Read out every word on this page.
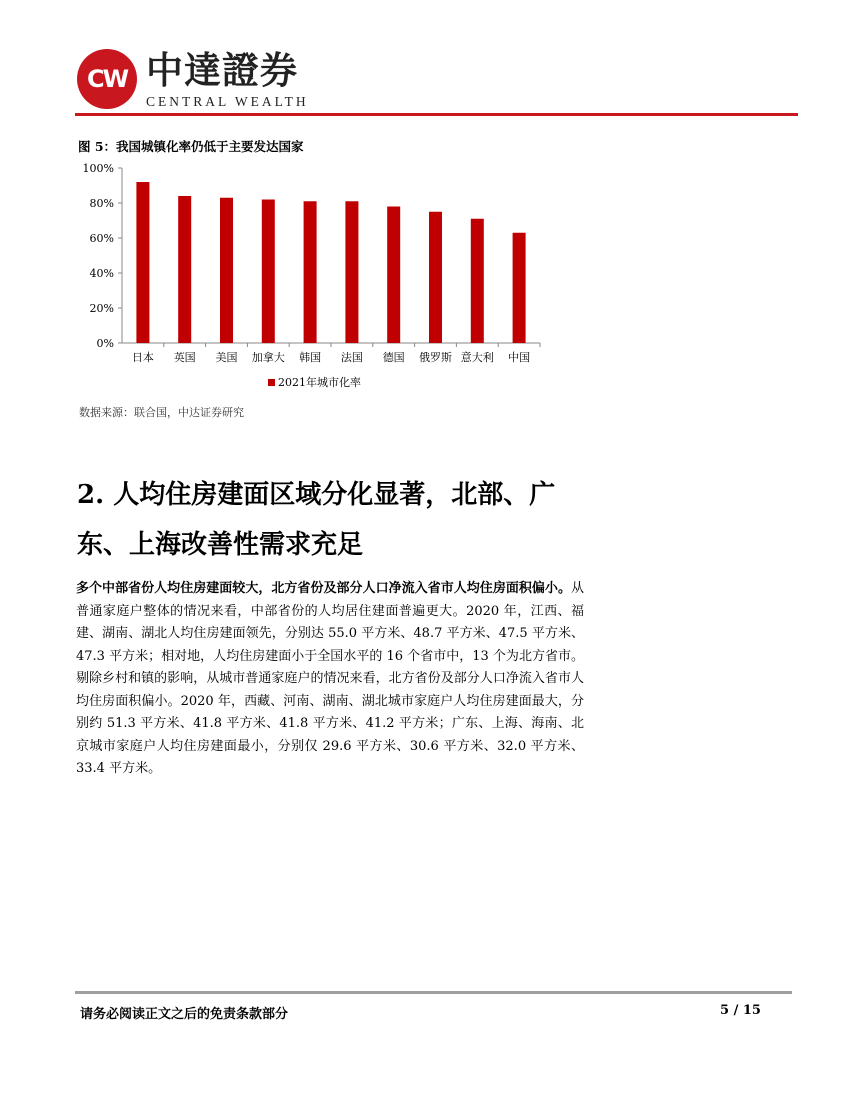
CW 中達證券
CENTRAL WEALTH
图 5：我国城镇化率仍低于主要发达国家
日本 英国 美国 加拿大 韩国 法国 德国 俄罗斯 意大利 中国
0%
20%
40%
60%
80%
100%
2021年城市化率
数据来源：联合国，中达证券研究
2. 人均住房建面区域分化显著，北部、广东、上海改善性需求充足
多个中部省份人均住房建面较大，北方省份及部分人口净流入省市人均住房面积偏小。从普通家庭户整体的情况来看，中部省份的人均居住建面普遍更大。2020 年，江西、福建、湖南、湖北人均住房建面领先，分别达 55.0 平方米、48.7 平方米、47.5 平方米、47.3 平方米；相对地，人均住房建面小于全国水平的 16 个省市中，13 个为北方省市。剔除乡村和镇的影响，从城市普通家庭户的情况来看，北方省份及部分人口净流入省市人均住房面积偏小。2020 年，西藏、河南、湖南、湖北城市家庭户人均住房建面最大，分别约 51.3 平方米、41.8 平方米、41.8 平方米、41.2 平方米；广东、上海、海南、北京城市家庭户人均住房建面最小，分别仅 29.6 平方米、30.6 平方米、32.0 平方米、33.4 平方米。
请务必阅读正文之后的免责条款部分	5 / 15
